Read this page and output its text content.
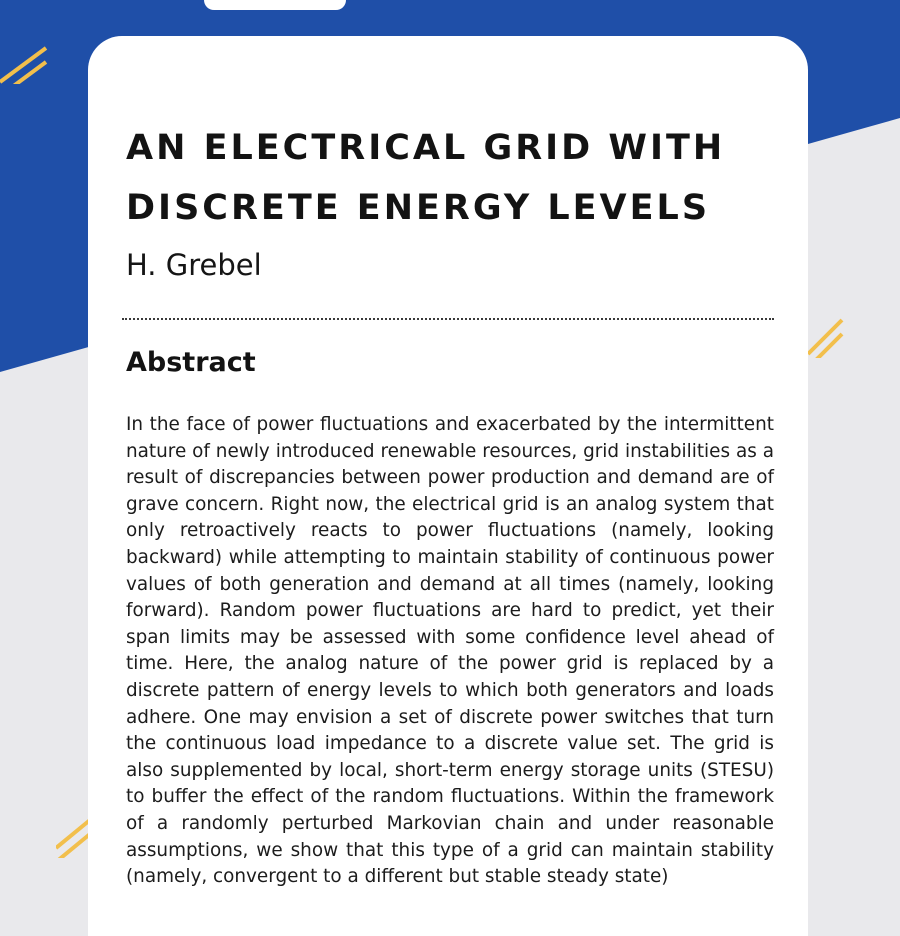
AN ELECTRICAL GRID WITH DISCRETE ENERGY LEVELS

H. Grebel

Abstract

In the face of power fluctuations and exacerbated by the intermittent nature of newly introduced renewable resources, grid instabilities as a result of discrepancies between power production and demand are of grave concern. Right now, the electrical grid is an analog system that only retroactively reacts to power fluctuations (namely, looking backward) while attempting to maintain stability of continuous power values of both generation and demand at all times (namely, looking forward). Random power fluctuations are hard to predict, yet their span limits may be assessed with some confidence level ahead of time. Here, the analog nature of the power grid is replaced by a discrete pattern of energy levels to which both generators and loads adhere. One may envision a set of discrete power switches that turn the continuous load impedance to a discrete value set. The grid is also supplemented by local, short-term energy storage units (STESU) to buffer the effect of the random fluctuations. Within the framework of a randomly perturbed Markovian chain and under reasonable assumptions, we show that this type of a grid can maintain stability (namely, convergent to a different but stable steady state)
